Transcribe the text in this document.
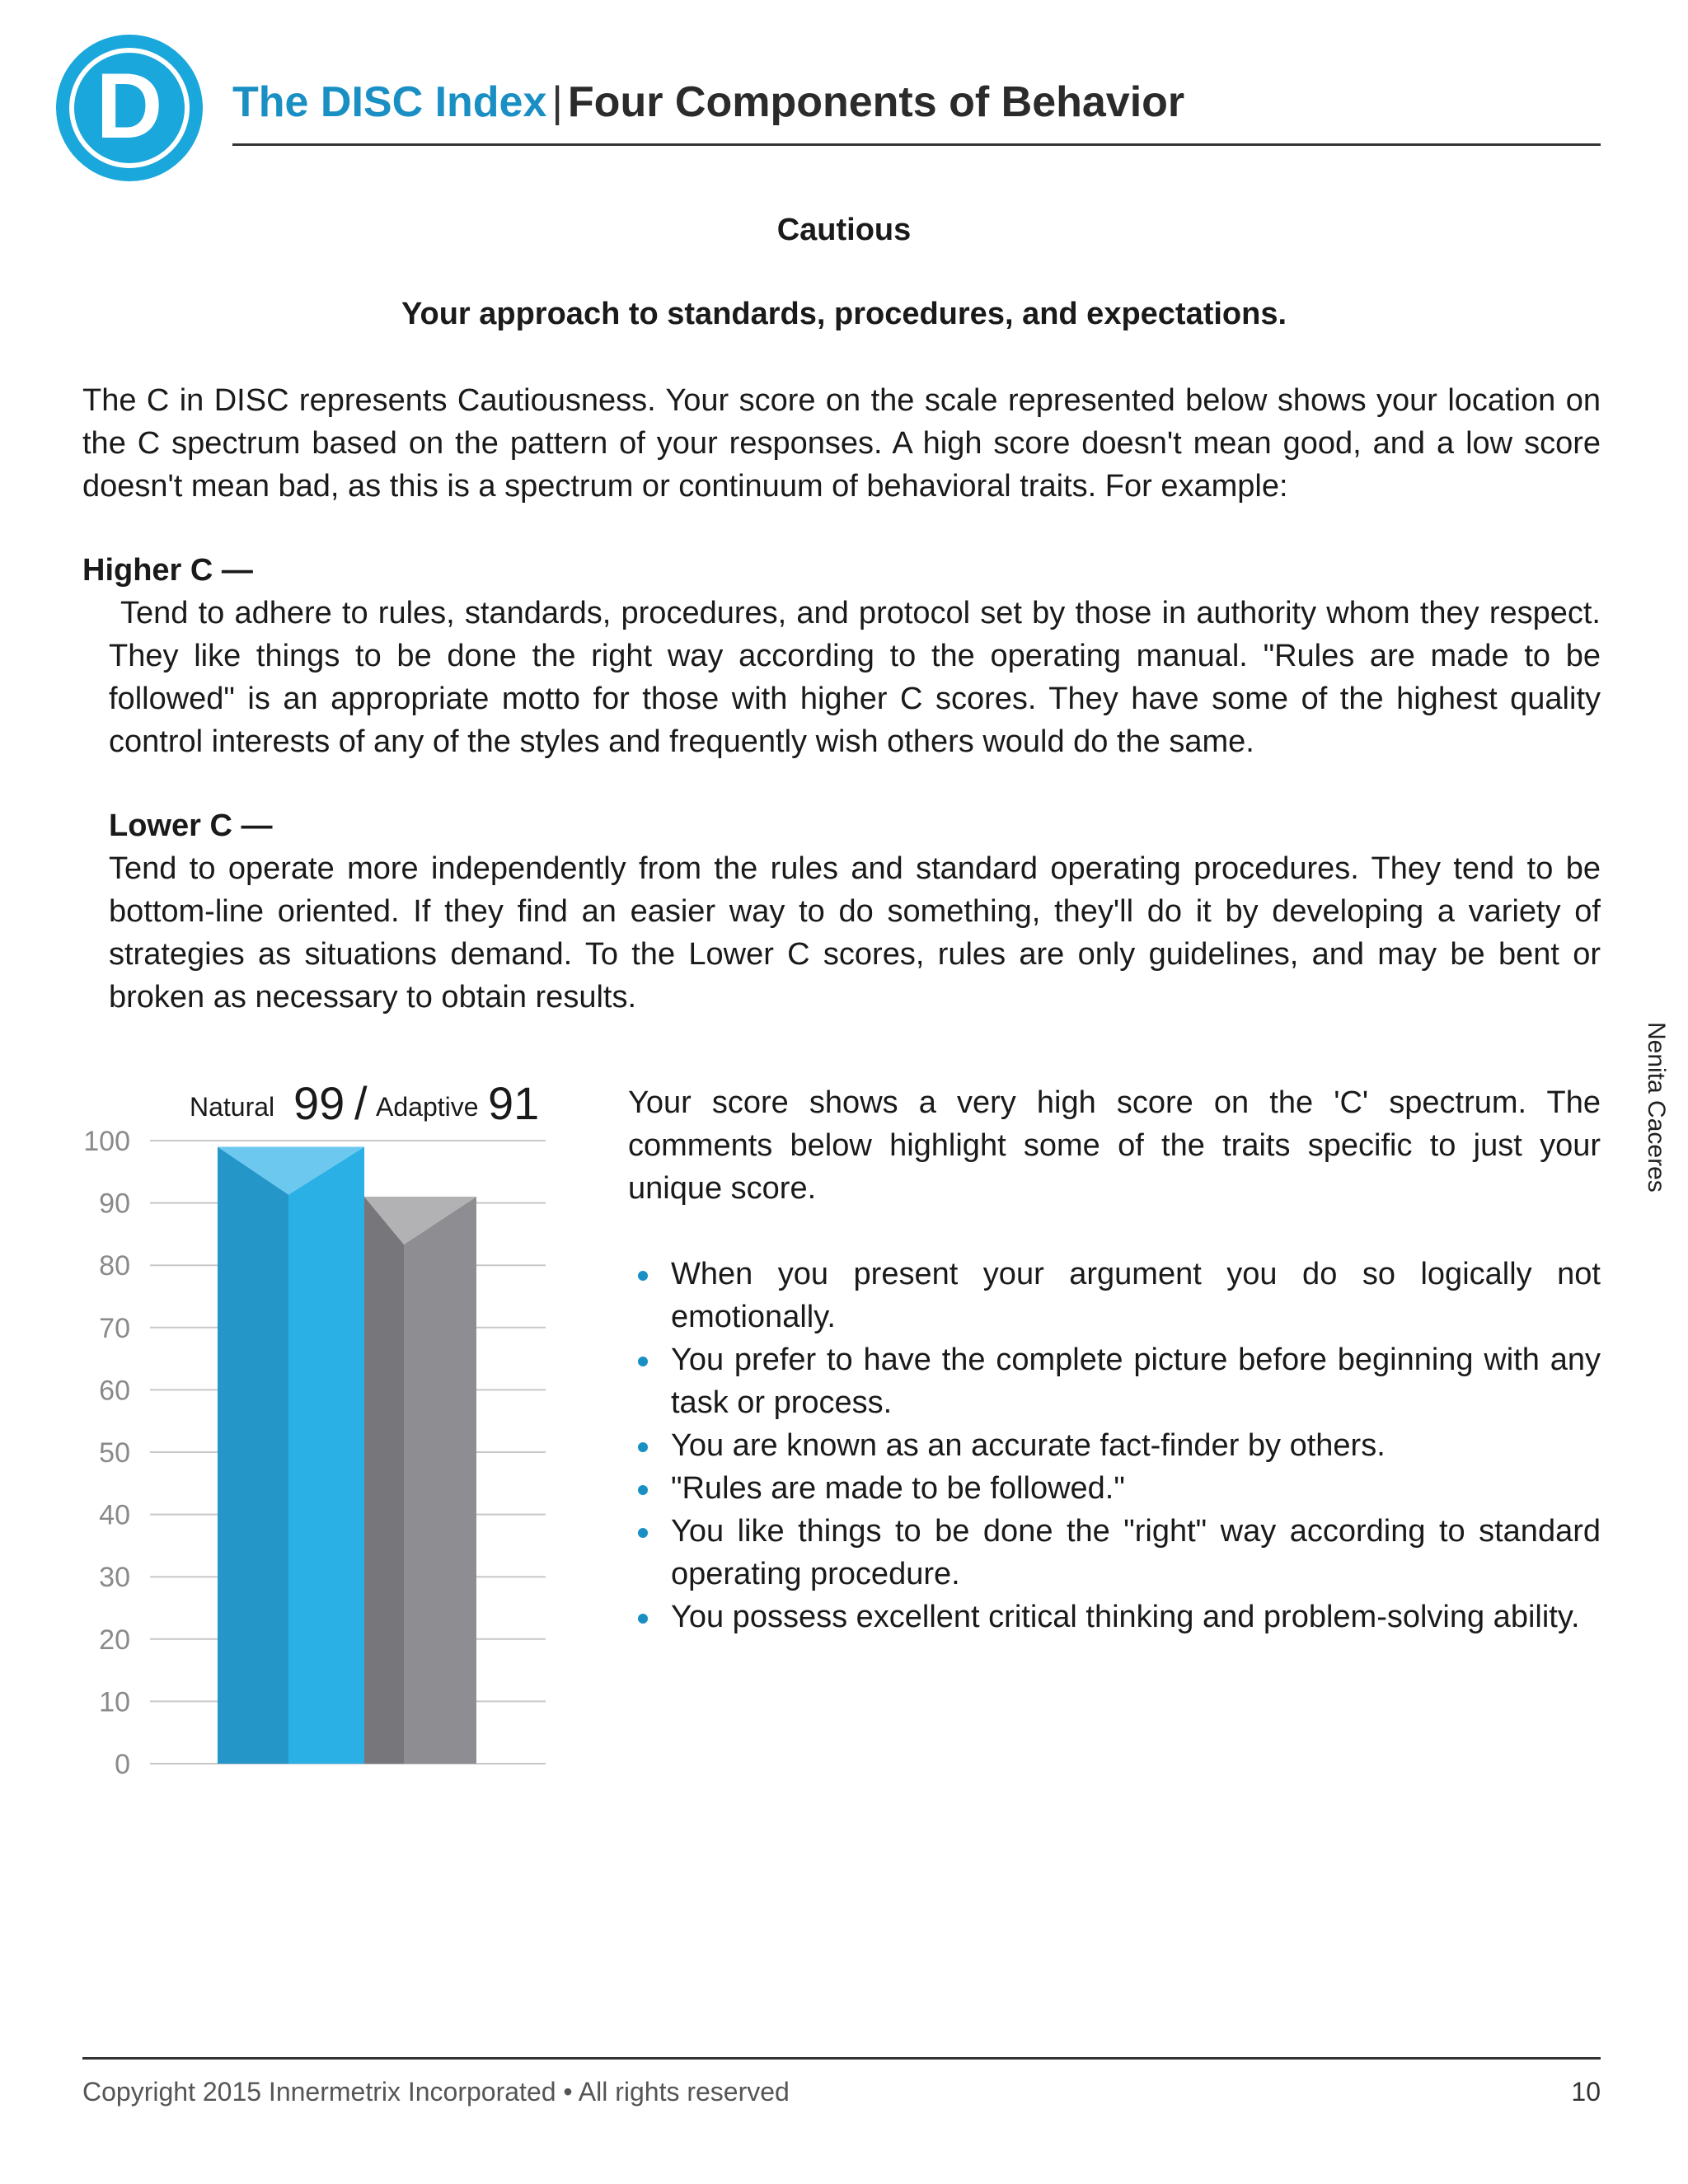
D The DISC Index | Four Components of Behavior
Cautious
Your approach to standards, procedures, and expectations.
The C in DISC represents Cautiousness. Your score on the scale represented below shows your location on the C spectrum based on the pattern of your responses. A high score doesn't mean good, and a low score doesn't mean bad, as this is a spectrum or continuum of behavioral traits. For example:
Higher C —
Tend to adhere to rules, standards, procedures, and protocol set by those in authority whom they respect. They like things to be done the right way according to the operating manual. "Rules are made to be followed" is an appropriate motto for those with higher C scores. They have some of the highest quality control interests of any of the styles and frequently wish others would do the same.
Lower C —
Tend to operate more independently from the rules and standard operating procedures. They tend to be bottom-line oriented. If they find an easier way to do something, they'll do it by developing a variety of strategies as situations demand. To the Lower C scores, rules are only guidelines, and may be bent or broken as necessary to obtain results.
Nenita Caceres
0
10
20
30
40
50
60
70
80
90
100
Natural 99 / Adaptive 91	Your score shows a very high score on the 'C' spectrum. The comments below highlight some of the traits specific to just your unique score.
When you present your argument you do so logically not emotionally.
You prefer to have the complete picture before beginning with any task or process.
You are known as an accurate fact-finder by others.
"Rules are made to be followed."
You like things to be done the "right" way according to standard operating procedure.
You possess excellent critical thinking and problem-solving ability.
Copyright 2015 Innermetrix Incorporated • All rights reserved	10
